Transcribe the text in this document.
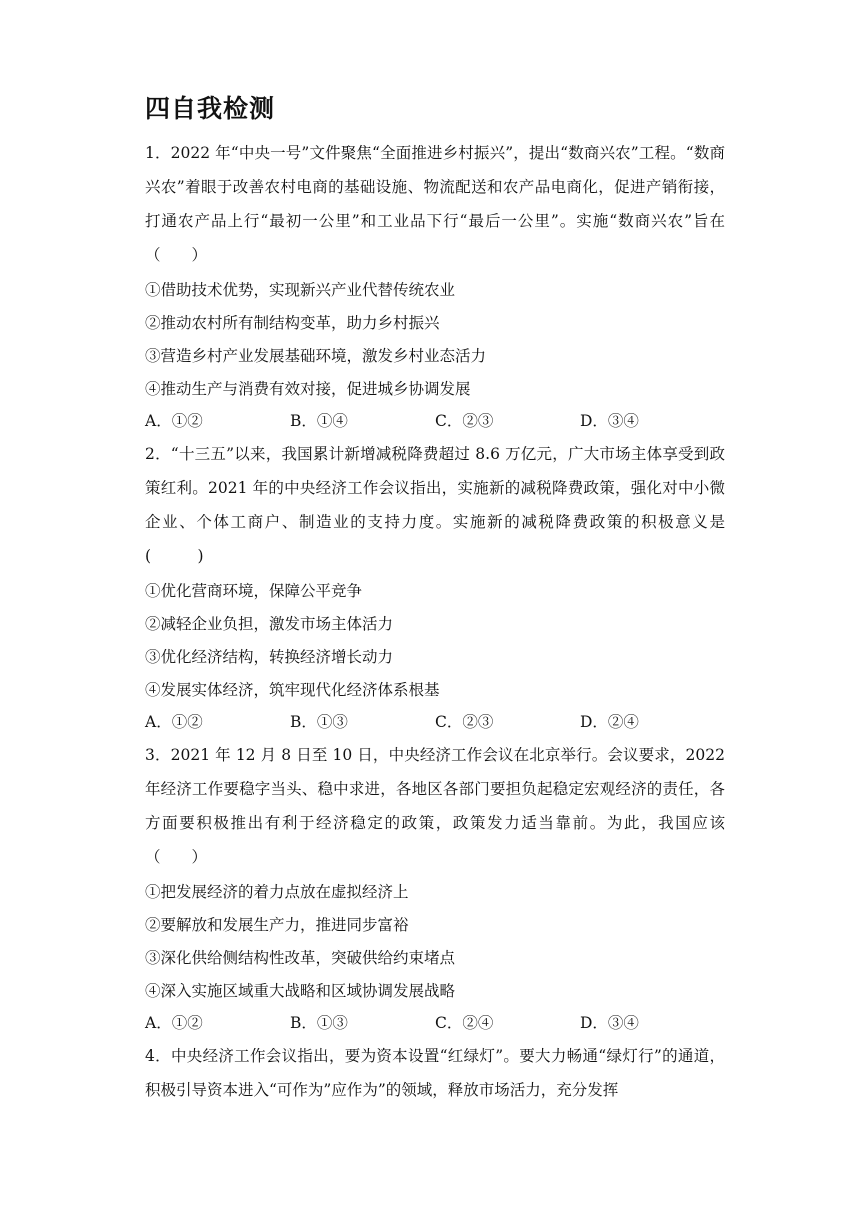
四自我检测

1．2022 年“中央一号”文件聚焦“全面推进乡村振兴”，提出“数商兴农”工程。“数商兴农”着眼于改善农村电商的基础设施、物流配送和农产品电商化，促进产销衔接，打通农产品上行“最初一公里”和工业品下行“最后一公里”。实施“数商兴农”旨在（　　）

①借助技术优势，实现新兴产业代替传统农业

②推动农村所有制结构变革，助力乡村振兴

③营造乡村产业发展基础环境，激发乡村业态活力

④推动生产与消费有效对接，促进城乡协调发展

A．①②	B．①④	C．②③	D．③④

2．“十三五”以来，我国累计新增减税降费超过 8.6 万亿元，广大市场主体享受到政策红利。2021 年的中央经济工作会议指出，实施新的减税降费政策，强化对中小微企业、个体工商户、制造业的支持力度。实施新的减税降费政策的积极意义是(　　　)

①优化营商环境，保障公平竞争

②减轻企业负担，激发市场主体活力

③优化经济结构，转换经济增长动力

④发展实体经济，筑牢现代化经济体系根基

A．①②	B．①③	C．②③	D．②④

3．2021 年 12 月 8 日至 10 日，中央经济工作会议在北京举行。会议要求，2022 年经济工作要稳字当头、稳中求进，各地区各部门要担负起稳定宏观经济的责任，各方面要积极推出有利于经济稳定的政策，政策发力适当靠前。为此，我国应该（　　）

①把发展经济的着力点放在虚拟经济上

②要解放和发展生产力，推进同步富裕

③深化供给侧结构性改革，突破供给约束堵点

④深入实施区域重大战略和区域协调发展战略

A．①②	B．①③	C．②④	D．③④

4．中央经济工作会议指出，要为资本设置“红绿灯”。要大力畅通“绿灯行”的通道，积极引导资本进入“可作为”应作为”的领域，释放市场活力，充分发挥
